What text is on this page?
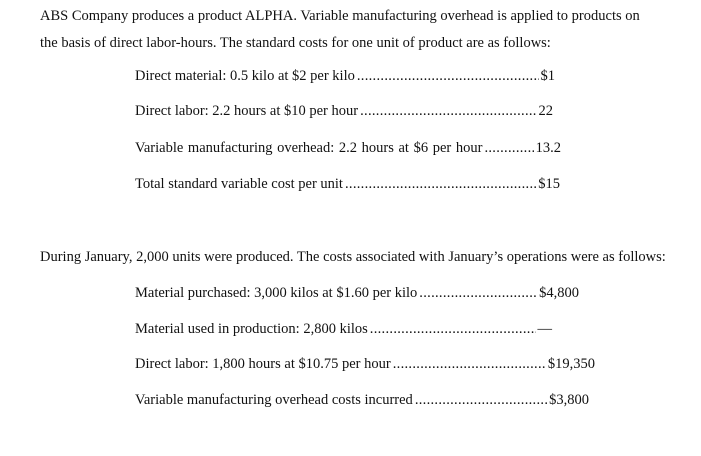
ABS Company produces a product ALPHA. Variable manufacturing overhead is applied to products on
the basis of direct labor-hours. The standard costs for one unit of product are as follows:
Direct material: 0.5 kilo at $2 per kilo .....	$1
Direct labor: 2.2 hours at $10 per hour .....	22
Variable manufacturing overhead: 2.2 hours at $6 per hour .....	13.2
Total standard variable cost per unit .....	$15
During January, 2,000 units were produced. The costs associated with January’s operations were as follows:
Material purchased: 3,000 kilos at $1.60 per kilo .....	$4,800
Material used in production: 2,800 kilos .....	—
Direct labor: 1,800 hours at $10.75 per hour .....	$19,350
Variable manufacturing overhead costs incurred .....	$3,800
